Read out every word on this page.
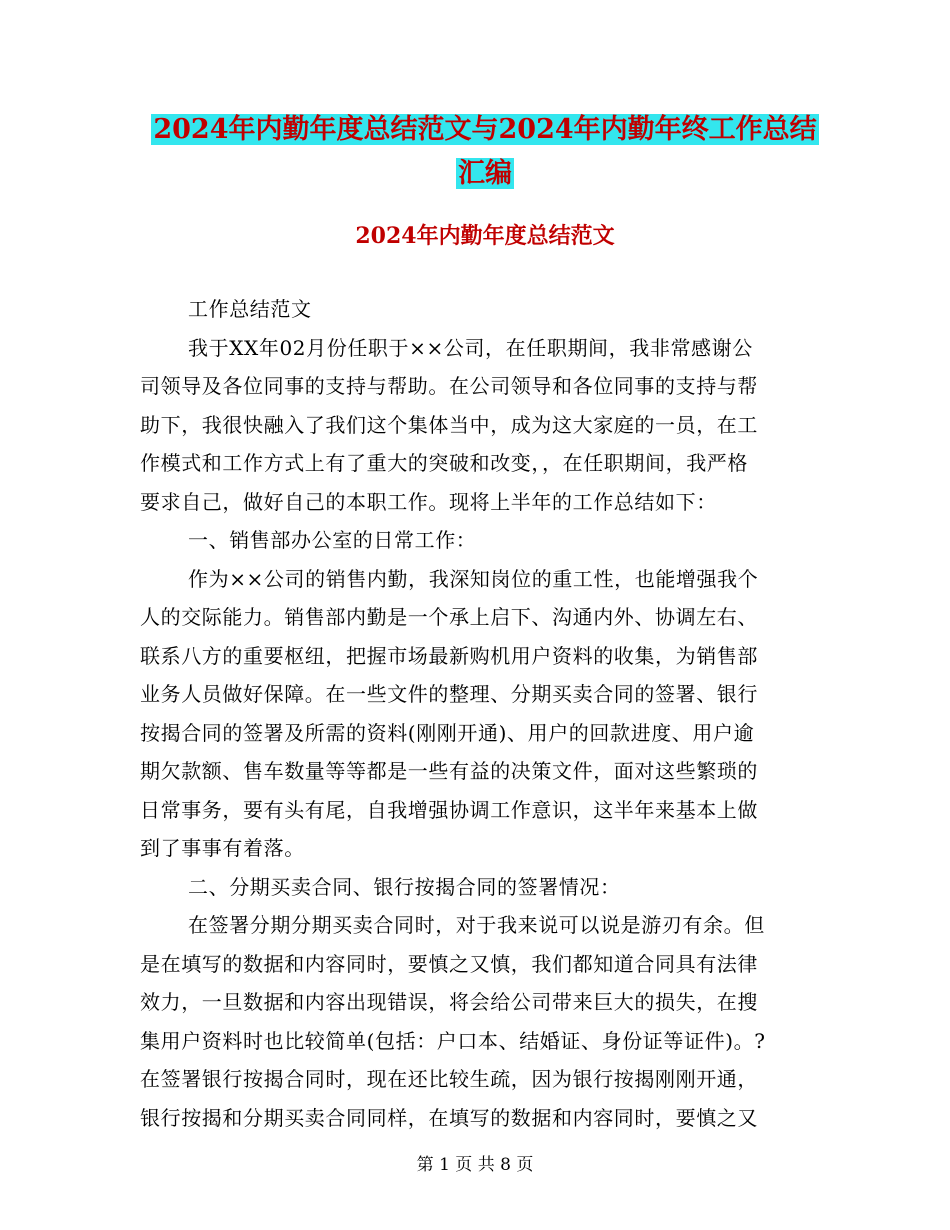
2024年内勤年度总结范文与2024年内勤年终工作总结
汇编
2024年内勤年度总结范文
工作总结范文
我于XX年02月份任职于××公司，在任职期间，我非常感谢公
司领导及各位同事的支持与帮助。在公司领导和各位同事的支持与帮
助下，我很快融入了我们这个集体当中，成为这大家庭的一员，在工
作模式和工作方式上有了重大的突破和改变，，在任职期间，我严格
要求自己，做好自己的本职工作。现将上半年的工作总结如下：
一、销售部办公室的日常工作：
作为××公司的销售内勤，我深知岗位的重工性，也能增强我个
人的交际能力。销售部内勤是一个承上启下、沟通内外、协调左右、
联系八方的重要枢纽，把握市场最新购机用户资料的收集，为销售部
业务人员做好保障。在一些文件的整理、分期买卖合同的签署、银行
按揭合同的签署及所需的资料(刚刚开通)、用户的回款进度、用户逾
期欠款额、售车数量等等都是一些有益的决策文件，面对这些繁琐的
日常事务，要有头有尾，自我增强协调工作意识，这半年来基本上做
到了事事有着落。
二、分期买卖合同、银行按揭合同的签署情况：
在签署分期分期买卖合同时，对于我来说可以说是游刃有余。但
是在填写的数据和内容同时，要慎之又慎，我们都知道合同具有法律
效力，一旦数据和内容出现错误，将会给公司带来巨大的损失，在搜
集用户资料时也比较简单(包括：户口本、结婚证、身份证等证件)。?
在签署银行按揭合同时，现在还比较生疏，因为银行按揭刚刚开通，
银行按揭和分期买卖合同同样，在填写的数据和内容同时，要慎之又
第 1 页 共 8 页
